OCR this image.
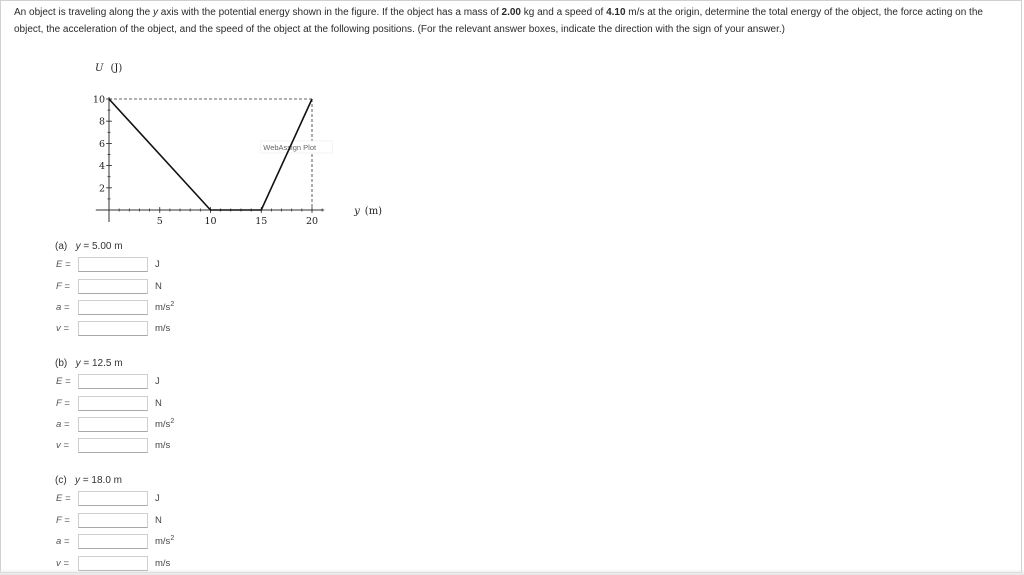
An object is traveling along the y axis with the potential energy shown in the figure. If the object has a mass of 2.00 kg and a speed of 4.10 m/s at the origin, determine the total energy of the object, the force acting on the object, the acceleration of the object, and the speed of the object at the following positions. (For the relevant answer boxes, indicate the direction with the sign of your answer.)
5	10	15	20
2
4
6
8
10
WebAssign Plot
U (J)
y (m)
(a) y = 5.00 m
E =	J
F =	N
a =	$m/s^2$
v =	m/s
(b) y = 12.5 m
E =	J
F =	N
a =	$m/s^2$
v =	m/s
(c) y = 18.0 m
E =	J
F =	N
a =	$m/s^2$
v =	m/s
